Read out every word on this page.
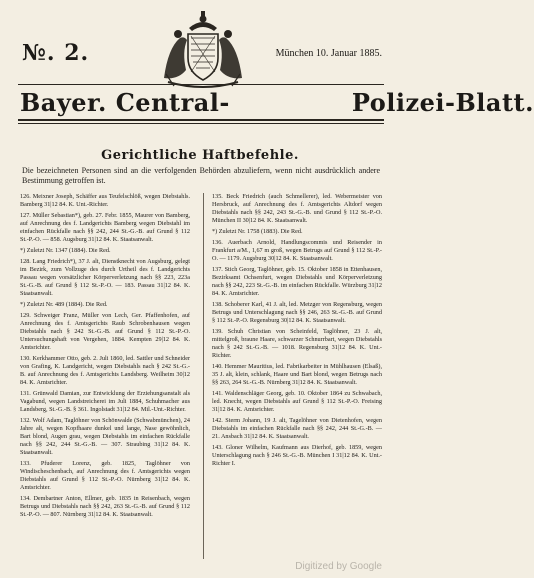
№. 2.	München 10. Januar 1885.
Bayer. Central-	Polizei-Blatt.
Gerichtliche Haftbefehle.
Die bezeichneten Personen sind an die verfolgenden Behörden abzuliefern, wenn nicht ausdrücklich andere Bestimmung getroffen ist.

126. Meixner Joseph, Schäffer aus Teufelschlöß, wegen Diebstahls. Bamberg 31|12 84. K. Unt.-Richter.

127. Müller Sebastian*), geb. 27. Febr. 1855, Maurer von Bamberg, auf Anrechnung des f. Landgerichts Bamberg wegen Diebstahl im einfachen Rückfalle nach §§ 242, 244 St.-G.-B. auf Grund § 112 St.-P.-O. — 858. Augsburg 31|12 84. K. Staatsanwalt.

*) Zuletzt Nr. 1347 (1884). Die Red.

128. Lang Friedrich*), 37 J. alt, Dienstknecht von Augsburg, gelegt im Bezirk, zum Vollzuge des durch Urtheil des f. Landgerichts Passau wegen vorsätzlicher Körperverletzung nach §§ 223, 223a St.-G.-B. auf Grund § 112 St.-P.-O. — 183. Passau 31|12 84. K. Staatsanwalt.

*) Zuletzt Nr. 489 (1884). Die Red.

129. Schweiger Franz, Müller von Lech, Ger. Pfaffenhofen, auf Anrechnung des f. Amtsgerichts Raub Schrobenhausen wegen Diebstahls nach § 242 St.-G.-B. auf Grund § 112 St.-P.-O. Untersuchungshaft von Vergehen, 1884. Kempten 29|12 84. K. Amtsrichter.

130. Kerkhammer Otto, geb. 2. Juli 1860, led. Sattler und Schneider von Grafing, K. Landgericht, wegen Diebstahls nach § 242 St.-G.-B. auf Anrechnung des f. Amtsgerichts Landsberg. Weilheim 30|12 84. K. Amtsrichter.

131. Grünwald Damian, zur Entwicklung der Erziehungsanstalt als Vagabund, wegen Landstreicherei im Juli 1884, Schuhmacher aus Landsberg, St.-G.-B. § 361. Ingolstadt 31|12 84. Mil.-Unt.-Richter.

132. Wolf Adam, Taglöhner von Schönwalde (Schwabmünchen), 24 Jahre alt, wegen Kopfhaare dunkel und lange, Nase gewöhnlich, Bart blond, Augen grau, wegen Diebstahls im einfachen Rückfalle nach §§ 242, 244 St.-G.-B. — 307. Straubing 31|12 84. K. Staatsanwalt.

133. Pfuderer Lorenz, geb. 1825, Taglöhner von Windischeschenbach, auf Anrechnung des f. Amtsgerichts wegen Diebstahls auf Grund § 112 St.-P.-O. Nürnberg 31|12 84. K. Amtsrichter.

134. Dembartner Anton, Ellmer, geb. 1835 in Reisenbach, wegen Betrugs und Diebstahls nach §§ 242, 263 St.-G.-B. auf Grund § 112 St.-P.-O. — 807. Nürnberg 31|12 84. K. Staatsanwalt.

135. Beck Friedrich (auch Schmellerer), led. Webermeister von Hersbruck, auf Anrechnung des f. Amtsgerichts Altdorf wegen Diebstahls nach §§ 242, 243 St.-G.-B. und Grund § 112 St.-P.-O. München II 30|12 84. K. Staatsanwalt.

*) Zuletzt Nr. 1758 (1883). Die Red.

136. Auerbach Arnold, Handlungscommis und Reisender in Frankfurt a/M., 1,67 m groß, wegen Betrugs auf Grund § 112 St.-P.-O. — 1179. Augsburg 30|12 84. K. Staatsanwalt.

137. Stich Georg, Taglöhner, geb. 15. Oktober 1858 in Ettenhausen, Bezirksamt Ochsenfurt, wegen Diebstahls und Körperverletzung nach §§ 242, 223 St.-G.-B. im einfachen Rückfalle. Würzburg 31|12 84. K. Amtsrichter.

138. Schoberer Karl, 41 J. alt, led. Metzger von Regensburg, wegen Betrugs und Unterschlagung nach §§ 246, 263 St.-G.-B. auf Grund § 112 St.-P.-O. Regensburg 30|12 84. K. Staatsanwalt.

139. Schuh Christian von Scheinfeld, Taglöhner, 23 J. alt, mittelgroß, braune Haare, schwarzer Schnurrbart, wegen Diebstahls nach § 242 St.-G.-B. — 1018. Regensburg 31|12 84. K. Unt.-Richter.

140. Hemmer Mauritius, led. Fabrikarbeiter in Mühlhausen (Elsaß), 35 J. alt, klein, schlank, Haare und Bart blond, wegen Betrugs nach §§ 263, 264 St.-G.-B. Nürnberg 31|12 84. K. Staatsanwalt.

141. Waldenschläger Georg, geb. 10. Oktober 1864 zu Schwabach, led. Knecht, wegen Diebstahls auf Grund § 112 St.-P.-O. Freising 31|12 84. K. Amtsrichter.

142. Sterm Johann, 19 J. alt, Tagelöhner von Dietenhofen, wegen Diebstahls im einfachen Rückfalle nach §§ 242, 244 St.-G.-B. — 21. Ansbach 31|12 84. K. Staatsanwalt.

143. Gloner Wilhelm, Kaufmann aus Dierhof, geb. 1859, wegen Unterschlagung nach § 246 St.-G.-B. München I 31|12 84. K. Unt.-Richter I.

Digitized by Google
